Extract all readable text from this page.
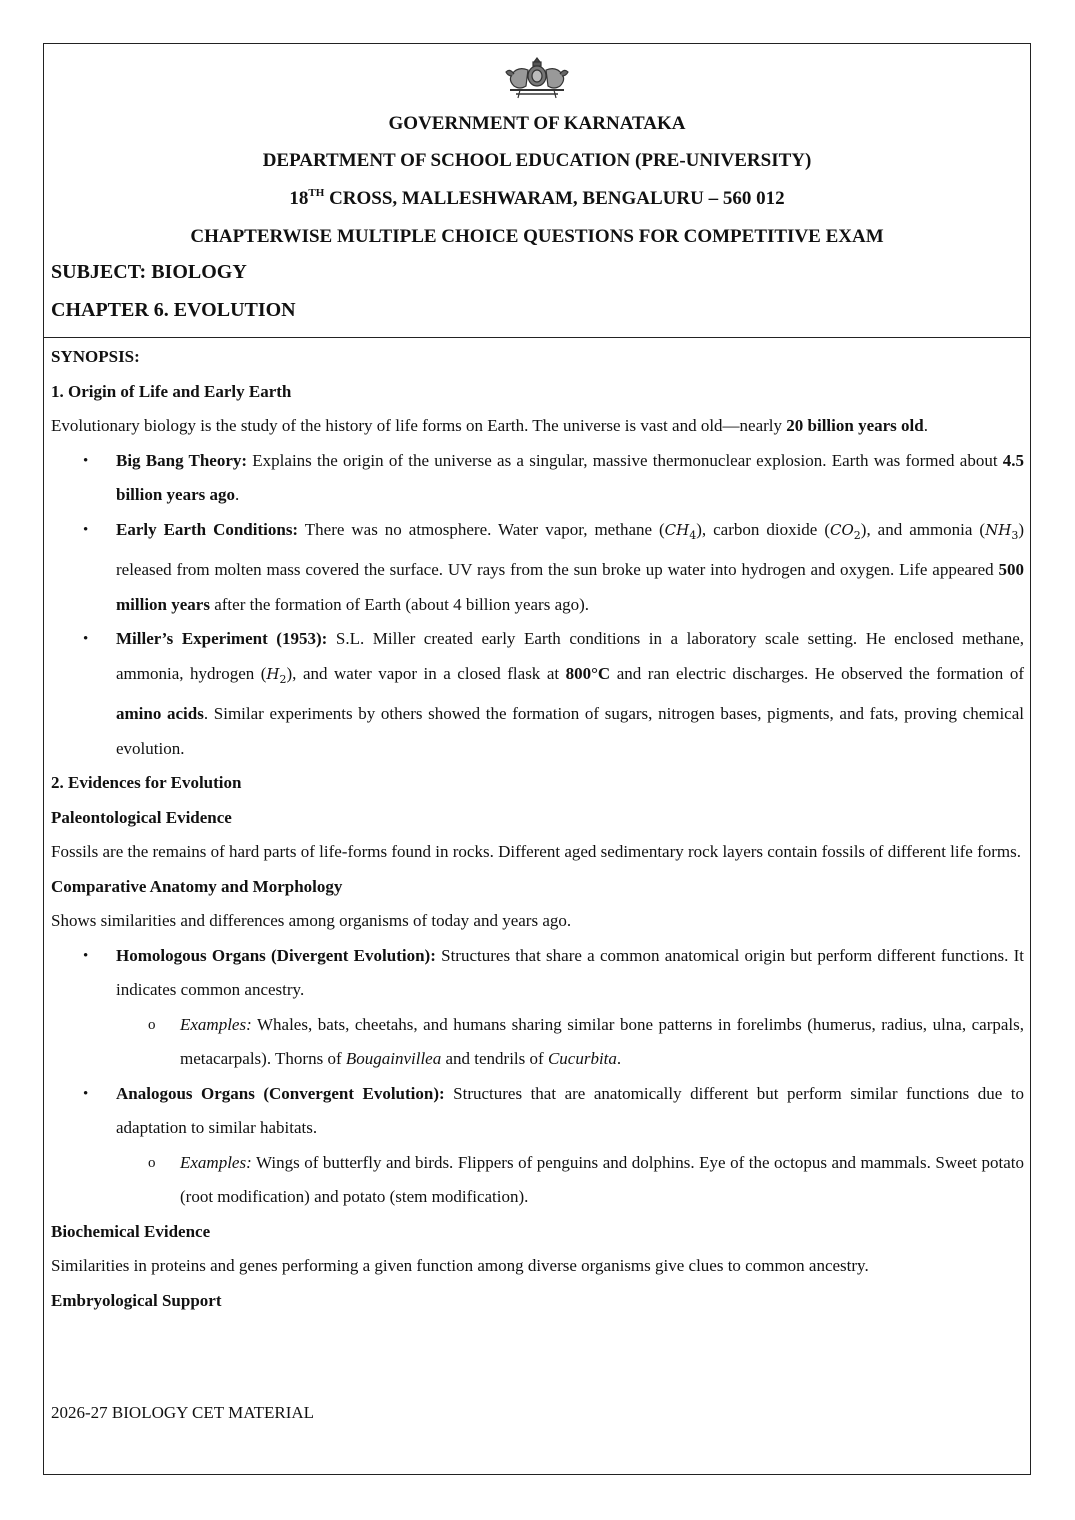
GOVERNMENT OF KARNATAKA
DEPARTMENT OF SCHOOL EDUCATION (PRE-UNIVERSITY)
18TH CROSS, MALLESHWARAM, BENGALURU – 560 012
CHAPTERWISE MULTIPLE CHOICE QUESTIONS FOR COMPETITIVE EXAM
SUBJECT: BIOLOGY
CHAPTER 6. EVOLUTION

SYNOPSIS:

1. Origin of Life and Early Earth

Evolutionary biology is the study of the history of life forms on Earth. The universe is vast and old—nearly 20 billion years old.

• Big Bang Theory: Explains the origin of the universe as a singular, massive thermonuclear explosion. Earth was formed about 4.5 billion years ago.
• Early Earth Conditions: There was no atmosphere. Water vapor, methane $(CH_4)$, carbon dioxide $(CO_2)$, and ammonia $(NH_3)$ released from molten mass covered the surface. UV rays from the sun broke up water into hydrogen and oxygen. Life appeared 500 million years after the formation of Earth (about 4 billion years ago).
• Miller’s Experiment (1953): S.L. Miller created early Earth conditions in a laboratory scale setting. He enclosed methane, ammonia, hydrogen $(H_2)$, and water vapor in a closed flask at 800°C and ran electric discharges. He observed the formation of amino acids. Similar experiments by others showed the formation of sugars, nitrogen bases, pigments, and fats, proving chemical evolution.

2. Evidences for Evolution

Paleontological Evidence

Fossils are the remains of hard parts of life-forms found in rocks. Different aged sedimentary rock layers contain fossils of different life forms.

Comparative Anatomy and Morphology

Shows similarities and differences among organisms of today and years ago.

• Homologous Organs (Divergent Evolution): Structures that share a common anatomical origin but perform different functions. It indicates common ancestry.
o Examples: Whales, bats, cheetahs, and humans sharing similar bone patterns in forelimbs (humerus, radius, ulna, carpals, metacarpals). Thorns of Bougainvillea and tendrils of Cucurbita.
• Analogous Organs (Convergent Evolution): Structures that are anatomically different but perform similar functions due to adaptation to similar habitats.
o Examples: Wings of butterfly and birds. Flippers of penguins and dolphins. Eye of the octopus and mammals. Sweet potato (root modification) and potato (stem modification).

Biochemical Evidence

Similarities in proteins and genes performing a given function among diverse organisms give clues to common ancestry.

Embryological Support

2026-27 BIOLOGY CET MATERIAL
